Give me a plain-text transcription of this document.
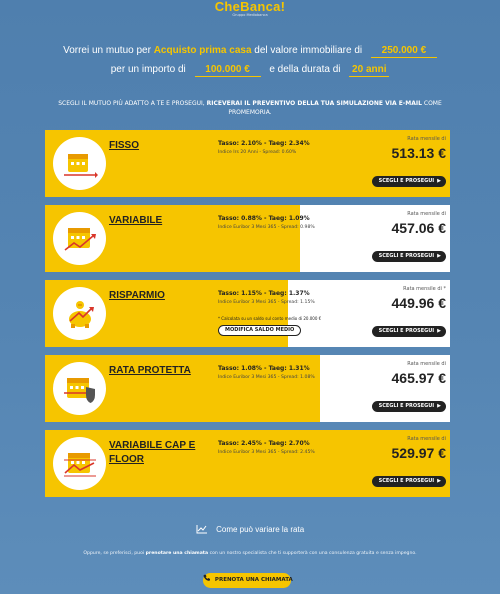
CheBanca!
Gruppo Mediobanca
Vorrei un mutuo per Acquisto prima casa del valore immobiliare di 250.000 €
per un importo di 100.000 € e della durata di 20 anni
SCEGLI IL MUTUO PIÙ ADATTO A TE E PROSEGUI, RICEVERAI IL PREVENTIVO DELLA TUA SIMULAZIONE VIA E-MAIL COME PROMEMORIA.
FISSO	Tasso: 2.10% - Taeg: 2.34%
Indice Irs 20 Anni - Spread: 0.60%
Rata mensile di
513.13 €
SCEGLI E PROSEGUI ▶
VARIABILE	Tasso: 0.88% - Taeg: 1.09%
Indice Euribor 3 Mesi 365 - Spread: 0.98%
Rata mensile di
457.06 €
SCEGLI E PROSEGUI ▶
RISPARMIO	Tasso: 1.15% - Taeg: 1.37%
Indice Euribor 3 Mesi 365 - Spread: 1.15%
* Calcolata su un saldo sul conto medio di 20.000 €
MODIFICA SALDO MEDIO
Rata mensile di *
449.96 €
SCEGLI E PROSEGUI ▶
RATA PROTETTA	Tasso: 1.08% - Taeg: 1.31%
Indice Euribor 3 Mesi 365 - Spread: 1.08%
Rata mensile di
465.97 €
SCEGLI E PROSEGUI ▶
VARIABILE CAP E FLOOR
Tasso: 2.45% - Taeg: 2.70%
Indice Euribor 3 Mesi 365 - Spread: 2.45%
Rata mensile di
529.97 €
SCEGLI E PROSEGUI ▶
Come può variare la rata
Oppure, se preferisci, puoi prenotare una chiamata con un nostro specialista che ti supporterà con una consulenza gratuita e senza impegno.
PRENOTA UNA CHIAMATA
